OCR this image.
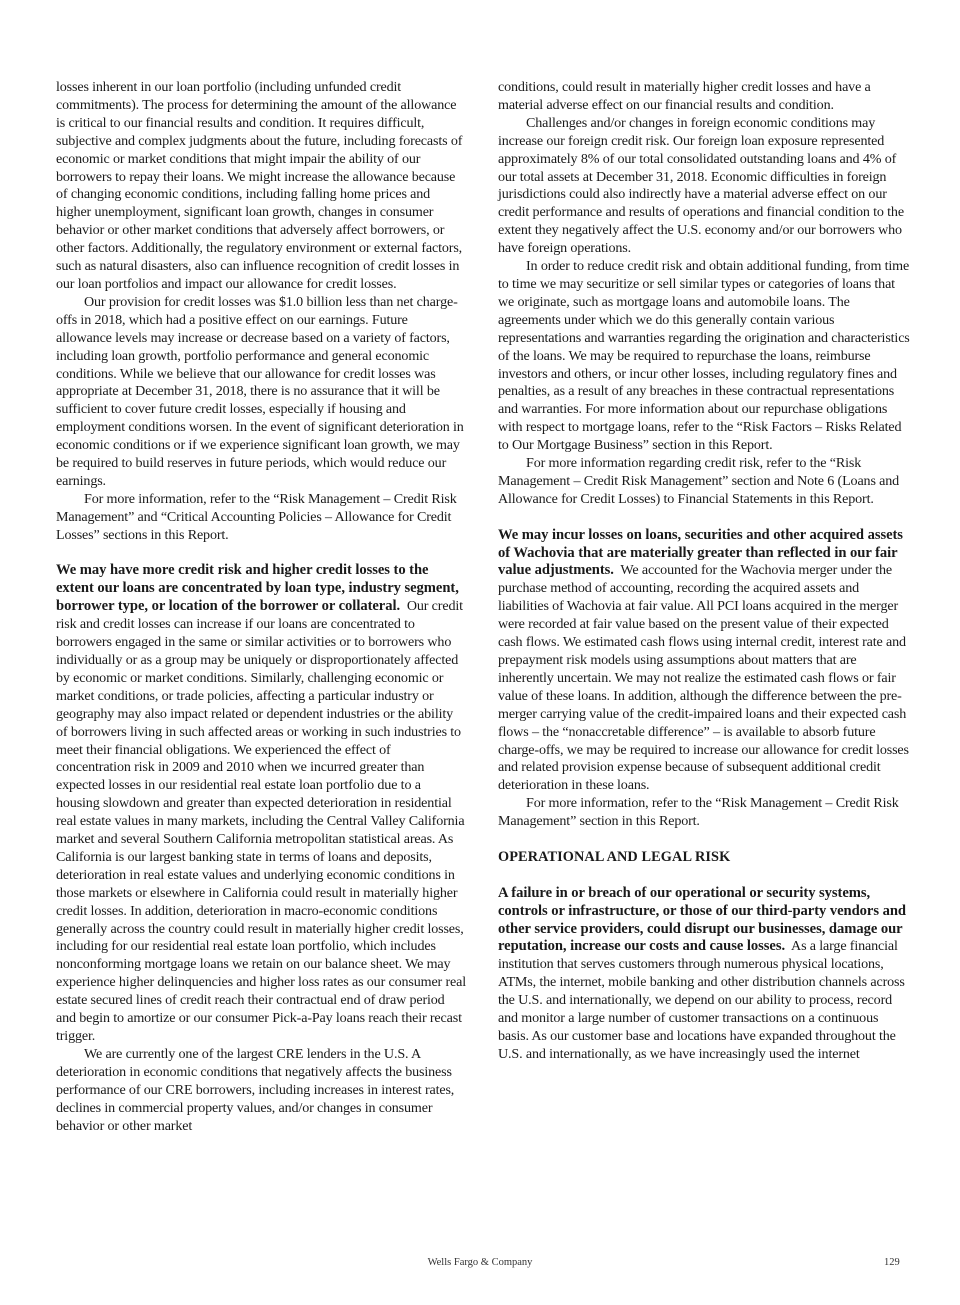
losses inherent in our loan portfolio (including unfunded credit commitments). The process for determining the amount of the allowance is critical to our financial results and condition. It requires difficult, subjective and complex judgments about the future, including forecasts of economic or market conditions that might impair the ability of our borrowers to repay their loans. We might increase the allowance because of changing economic conditions, including falling home prices and higher unemployment, significant loan growth, changes in consumer behavior or other market conditions that adversely affect borrowers, or other factors. Additionally, the regulatory environment or external factors, such as natural disasters, also can influence recognition of credit losses in our loan portfolios and impact our allowance for credit losses.

Our provision for credit losses was $1.0 billion less than net charge-offs in 2018, which had a positive effect on our earnings. Future allowance levels may increase or decrease based on a variety of factors, including loan growth, portfolio performance and general economic conditions. While we believe that our allowance for credit losses was appropriate at December 31, 2018, there is no assurance that it will be sufficient to cover future credit losses, especially if housing and employment conditions worsen. In the event of significant deterioration in economic conditions or if we experience significant loan growth, we may be required to build reserves in future periods, which would reduce our earnings.

For more information, refer to the “Risk Management – Credit Risk Management” and “Critical Accounting Policies – Allowance for Credit Losses” sections in this Report.

We may have more credit risk and higher credit losses to the extent our loans are concentrated by loan type, industry segment, borrower type, or location of the borrower or collateral. Our credit risk and credit losses can increase if our loans are concentrated to borrowers engaged in the same or similar activities or to borrowers who individually or as a group may be uniquely or disproportionately affected by economic or market conditions. Similarly, challenging economic or market conditions, or trade policies, affecting a particular industry or geography may also impact related or dependent industries or the ability of borrowers living in such affected areas or working in such industries to meet their financial obligations. We experienced the effect of concentration risk in 2009 and 2010 when we incurred greater than expected losses in our residential real estate loan portfolio due to a housing slowdown and greater than expected deterioration in residential real estate values in many markets, including the Central Valley California market and several Southern California metropolitan statistical areas. As California is our largest banking state in terms of loans and deposits, deterioration in real estate values and underlying economic conditions in those markets or elsewhere in California could result in materially higher credit losses. In addition, deterioration in macro-economic conditions generally across the country could result in materially higher credit losses, including for our residential real estate loan portfolio, which includes nonconforming mortgage loans we retain on our balance sheet. We may experience higher delinquencies and higher loss rates as our consumer real estate secured lines of credit reach their contractual end of draw period and begin to amortize or our consumer Pick-a-Pay loans reach their recast trigger.

We are currently one of the largest CRE lenders in the U.S. A deterioration in economic conditions that negatively affects the business performance of our CRE borrowers, including increases in interest rates, declines in commercial property values, and/or changes in consumer behavior or other market

conditions, could result in materially higher credit losses and have a material adverse effect on our financial results and condition.

Challenges and/or changes in foreign economic conditions may increase our foreign credit risk. Our foreign loan exposure represented approximately 8% of our total consolidated outstanding loans and 4% of our total assets at December 31, 2018. Economic difficulties in foreign jurisdictions could also indirectly have a material adverse effect on our credit performance and results of operations and financial condition to the extent they negatively affect the U.S. economy and/or our borrowers who have foreign operations.

In order to reduce credit risk and obtain additional funding, from time to time we may securitize or sell similar types or categories of loans that we originate, such as mortgage loans and automobile loans. The agreements under which we do this generally contain various representations and warranties regarding the origination and characteristics of the loans. We may be required to repurchase the loans, reimburse investors and others, or incur other losses, including regulatory fines and penalties, as a result of any breaches in these contractual representations and warranties. For more information about our repurchase obligations with respect to mortgage loans, refer to the “Risk Factors – Risks Related to Our Mortgage Business” section in this Report.

For more information regarding credit risk, refer to the “Risk Management – Credit Risk Management” section and Note 6 (Loans and Allowance for Credit Losses) to Financial Statements in this Report.

We may incur losses on loans, securities and other acquired assets of Wachovia that are materially greater than reflected in our fair value adjustments. We accounted for the Wachovia merger under the purchase method of accounting, recording the acquired assets and liabilities of Wachovia at fair value. All PCI loans acquired in the merger were recorded at fair value based on the present value of their expected cash flows. We estimated cash flows using internal credit, interest rate and prepayment risk models using assumptions about matters that are inherently uncertain. We may not realize the estimated cash flows or fair value of these loans. In addition, although the difference between the pre-merger carrying value of the credit-impaired loans and their expected cash flows – the “nonaccretable difference” – is available to absorb future charge-offs, we may be required to increase our allowance for credit losses and related provision expense because of subsequent additional credit deterioration in these loans.

For more information, refer to the “Risk Management – Credit Risk Management” section in this Report.

OPERATIONAL AND LEGAL RISK

A failure in or breach of our operational or security systems, controls or infrastructure, or those of our third-party vendors and other service providers, could disrupt our businesses, damage our reputation, increase our costs and cause losses. As a large financial institution that serves customers through numerous physical locations, ATMs, the internet, mobile banking and other distribution channels across the U.S. and internationally, we depend on our ability to process, record and monitor a large number of customer transactions on a continuous basis. As our customer base and locations have expanded throughout the U.S. and internationally, as we have increasingly used the internet

Wells Fargo & Company	129
